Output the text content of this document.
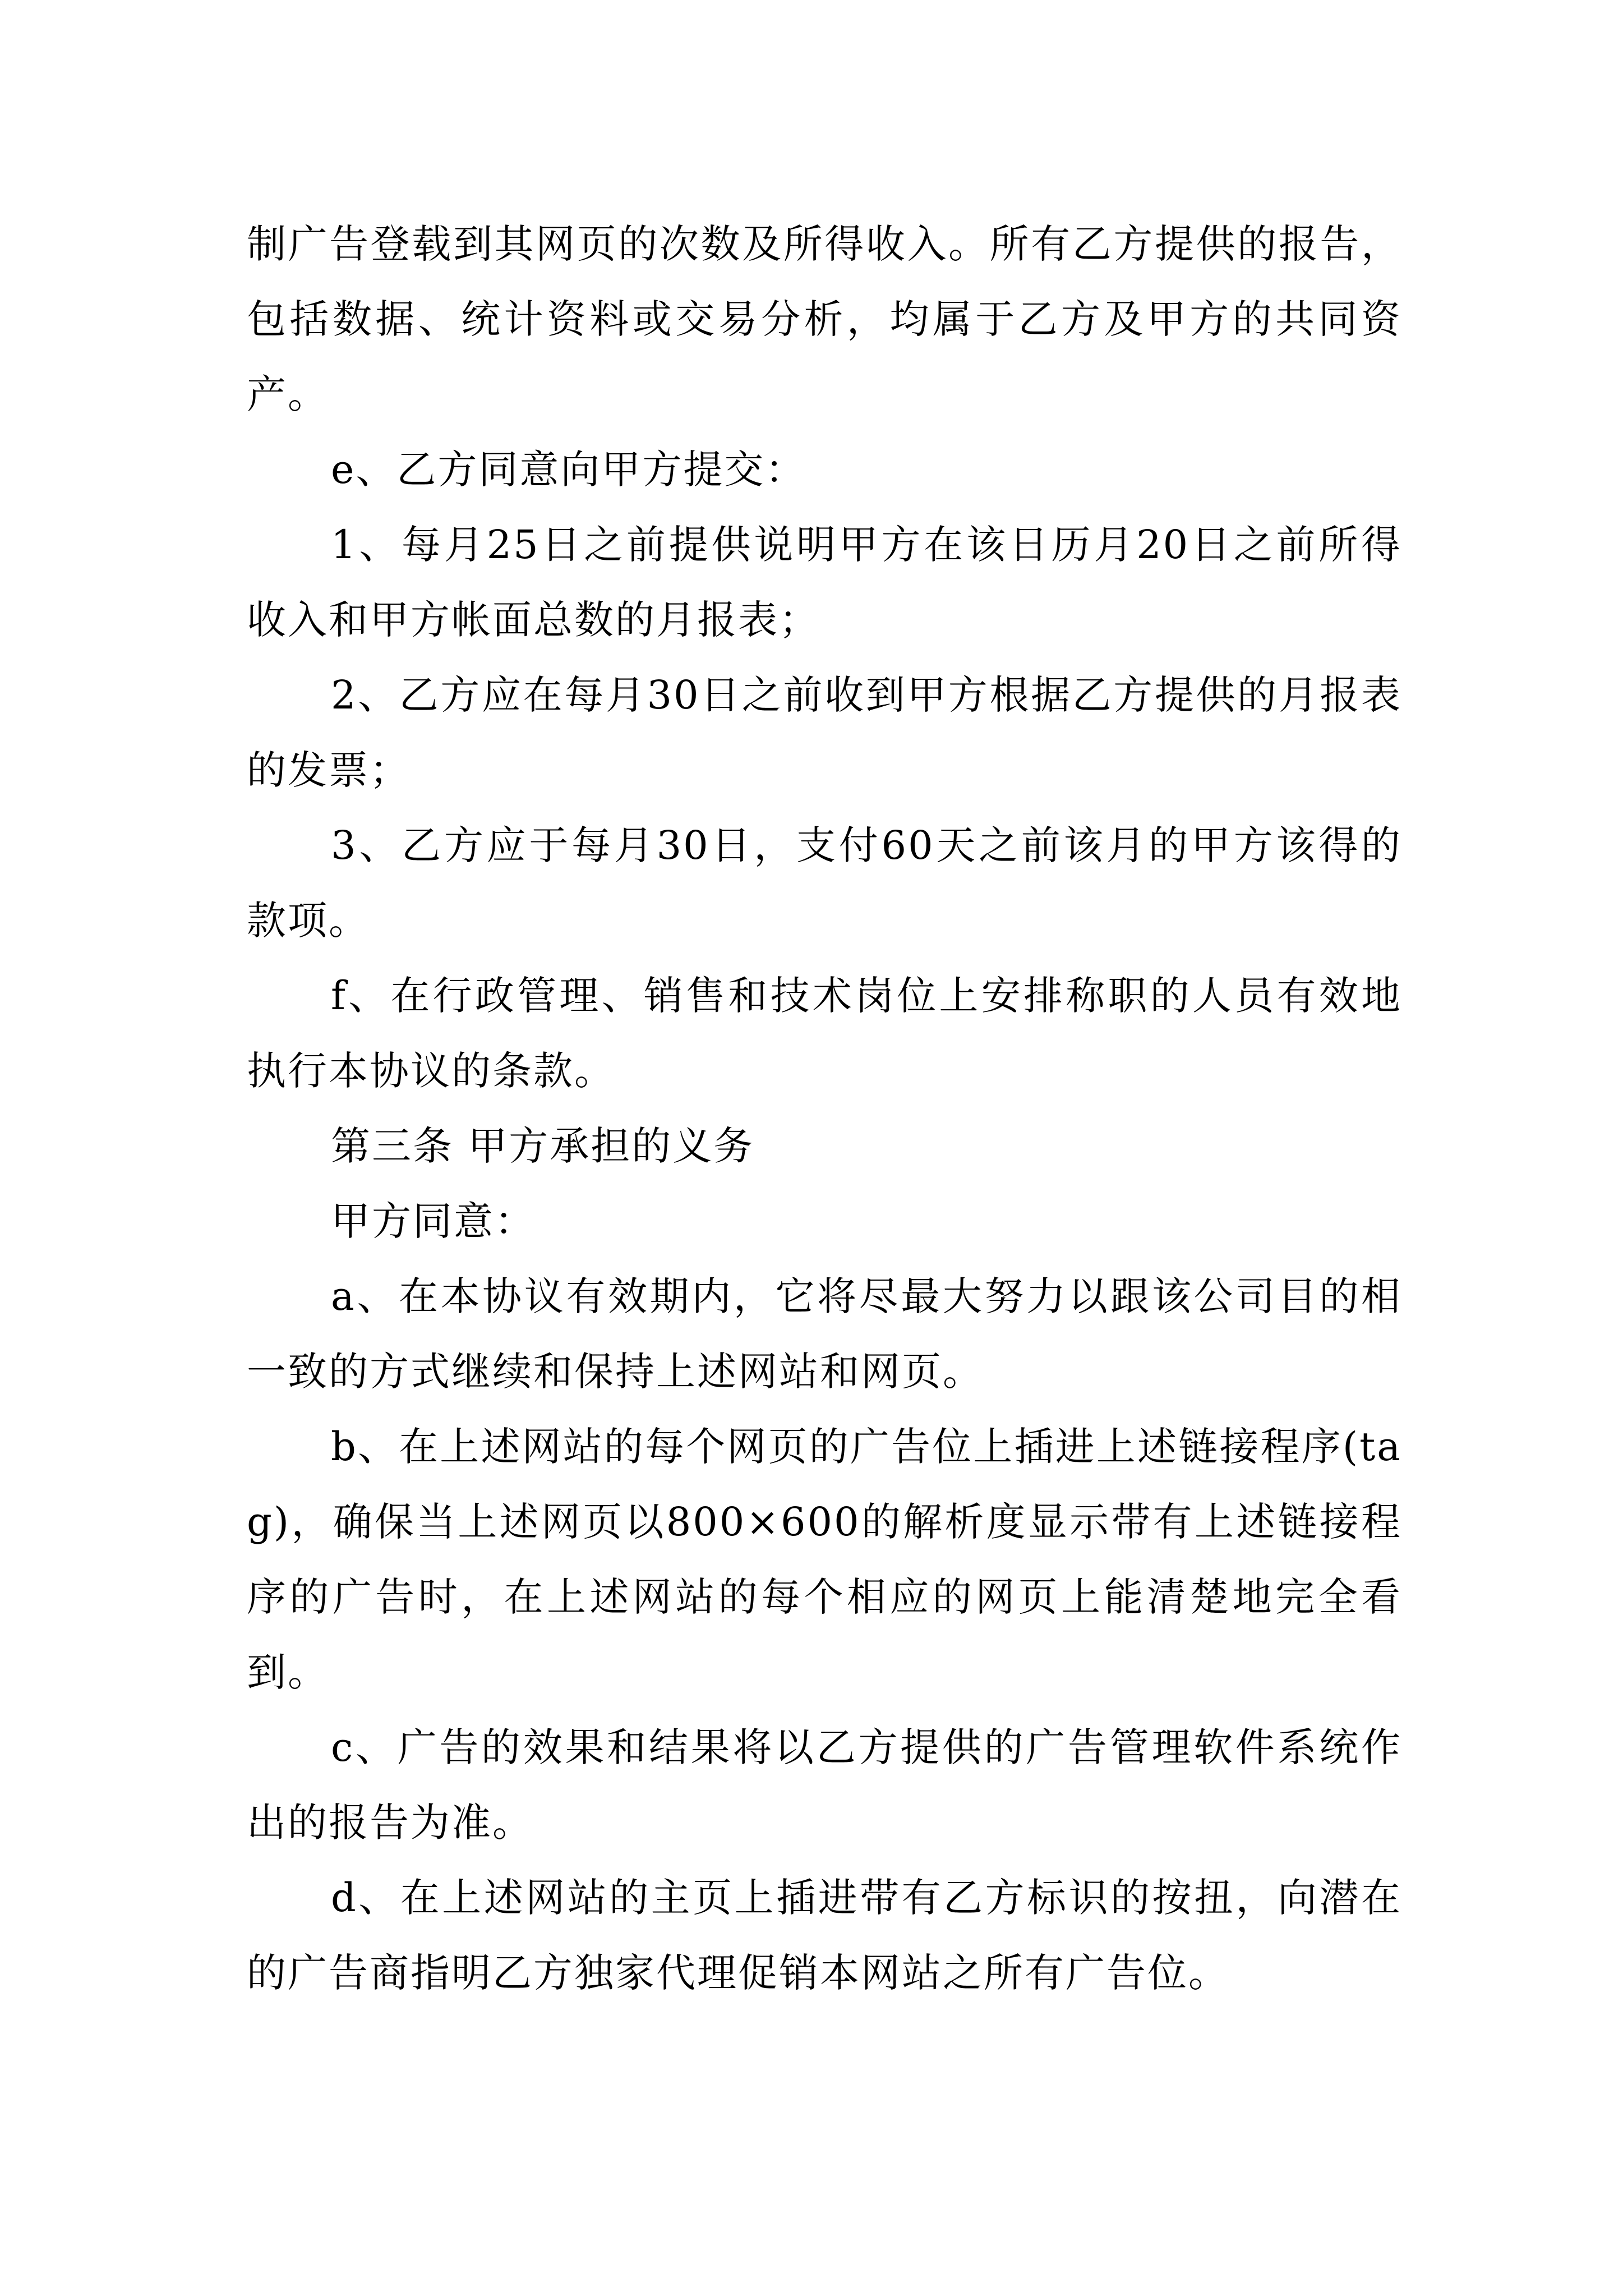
制广告登载到其网页的次数及所得收入。所有乙方提供的报告，包括数据、统计资料或交易分析，均属于乙方及甲方的共同资产。

e、乙方同意向甲方提交：

1、每月25日之前提供说明甲方在该日历月20日之前所得收入和甲方帐面总数的月报表；

2、乙方应在每月30日之前收到甲方根据乙方提供的月报表的发票；

3、乙方应于每月30日，支付60天之前该月的甲方该得的款项。

f、在行政管理、销售和技术岗位上安排称职的人员有效地执行本协议的条款。

第三条 甲方承担的义务

甲方同意：

a、在本协议有效期内，它将尽最大努力以跟该公司目的相一致的方式继续和保持上述网站和网页。

b、在上述网站的每个网页的广告位上插进上述链接程序(tag)，确保当上述网页以800×600的解析度显示带有上述链接程序的广告时，在上述网站的每个相应的网页上能清楚地完全看到。

c、广告的效果和结果将以乙方提供的广告管理软件系统作出的报告为准。

d、在上述网站的主页上插进带有乙方标识的按扭，向潜在的广告商指明乙方独家代理促销本网站之所有广告位。
